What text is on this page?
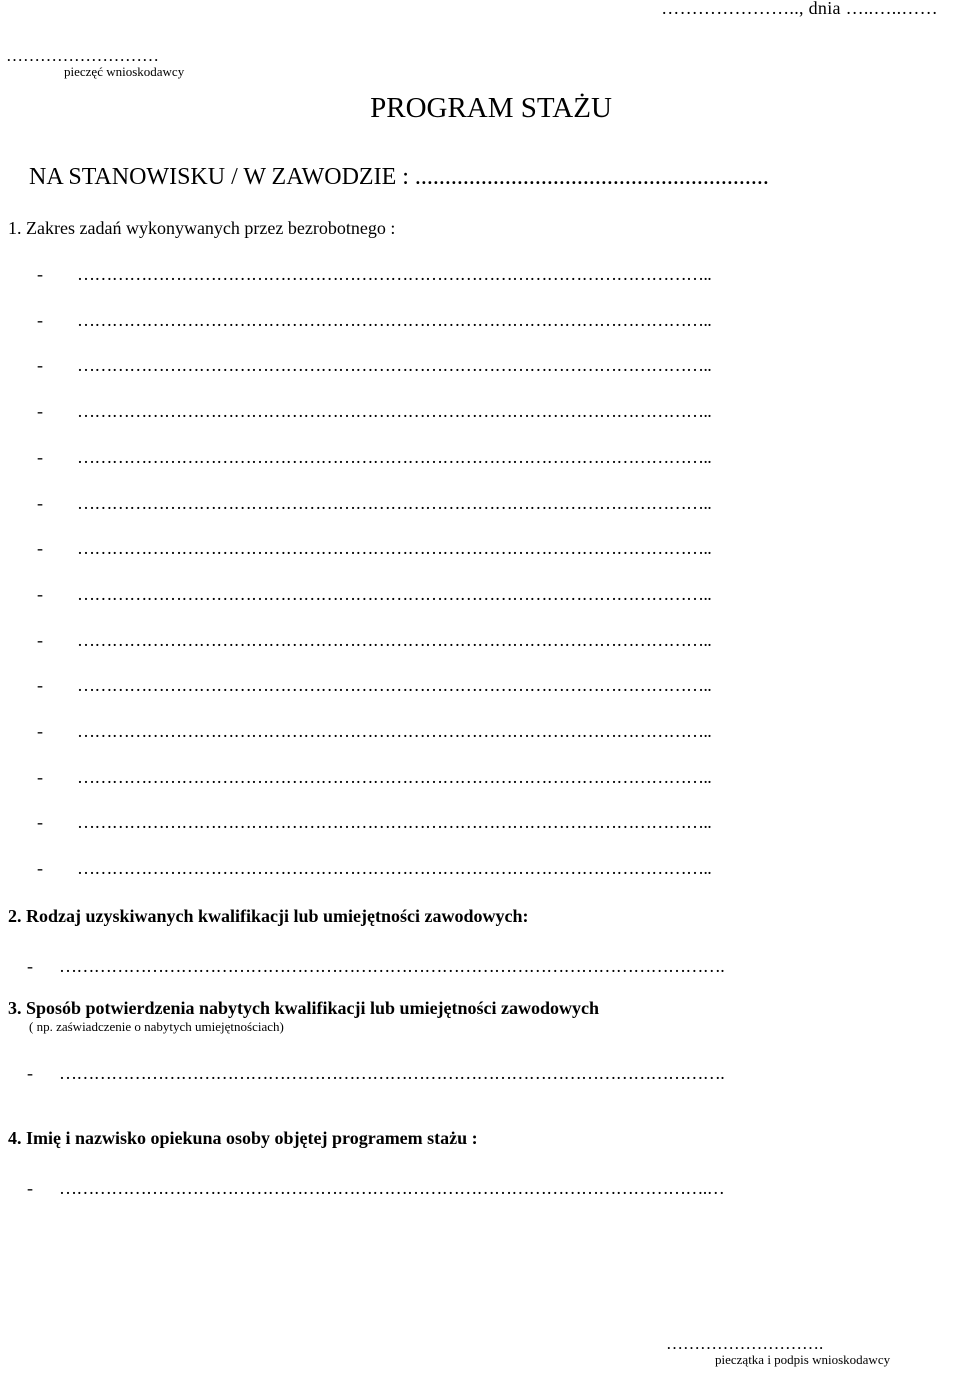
………………….., dnia …..…..……
………………………
pieczęć wnioskodawcy
PROGRAM STAŻU
NA STANOWISKU / W ZAWODZIE : ...........................................................
1. Zakres zadań wykonywanych przez bezrobotnego :
- ………………………………………………………………………………………………..
- ………………………………………………………………………………………………..
- ………………………………………………………………………………………………..
- ………………………………………………………………………………………………..
- ………………………………………………………………………………………………..
- ………………………………………………………………………………………………..
- ………………………………………………………………………………………………..
- ………………………………………………………………………………………………..
- ………………………………………………………………………………………………..
- ………………………………………………………………………………………………..
- ………………………………………………………………………………………………..
- ………………………………………………………………………………………………..
- ………………………………………………………………………………………………..
- ………………………………………………………………………………………………..
2. Rodzaj uzyskiwanych kwalifikacji lub umiejętności zawodowych:
- …………………………………………………………………………………………………….
3. Sposób potwierdzenia nabytych kwalifikacji lub umiejętności zawodowych
( np. zaświadczenie o nabytych umiejętnościach)
- …………………………………………………………………………………………………….
4. Imię i nazwisko opiekuna osoby objętej programem stażu :
- ………………………………………………………………………………………………….…
……………………….
pieczątka i podpis wnioskodawcy
